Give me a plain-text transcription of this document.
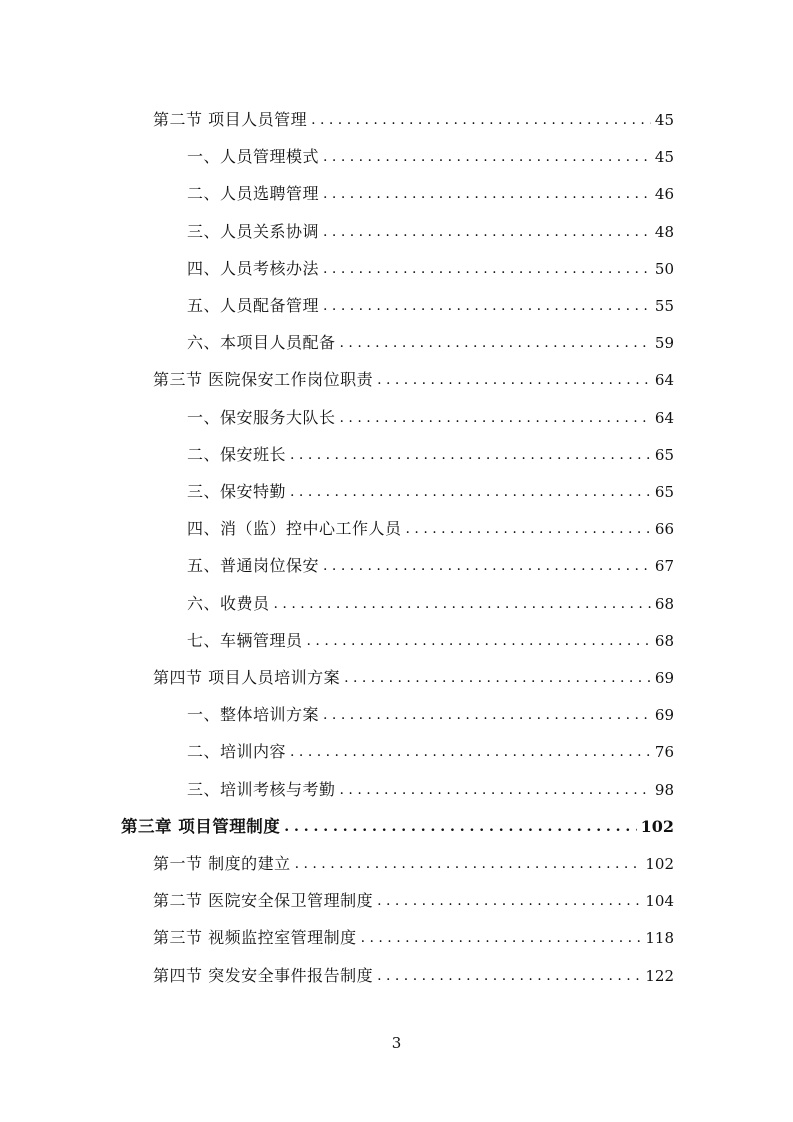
第二节 项目人员管理 . . .	45
一、人员管理模式 . . .	45
二、人员选聘管理 . . .	46
三、人员关系协调 . . .	48
四、人员考核办法 . . .	50
五、人员配备管理 . . .	55
六、本项目人员配备 . . .	59
第三节 医院保安工作岗位职责 . . .	64
一、保安服务大队长 . . .	64
二、保安班长 . . .	65
三、保安特勤 . . .	65
四、消（监）控中心工作人员 . . .	66
五、普通岗位保安 . . .	67
六、收费员 . . .	68
七、车辆管理员 . . .	68
第四节 项目人员培训方案 . . .	69
一、整体培训方案 . . .	69
二、培训内容 . . .	76
三、培训考核与考勤 . . .	98
第三章 项目管理制度 . . .	102
第一节 制度的建立 . . .	102
第二节 医院安全保卫管理制度 . . .	104
第三节 视频监控室管理制度 . . .	118
第四节 突发安全事件报告制度 . . .	122
3
